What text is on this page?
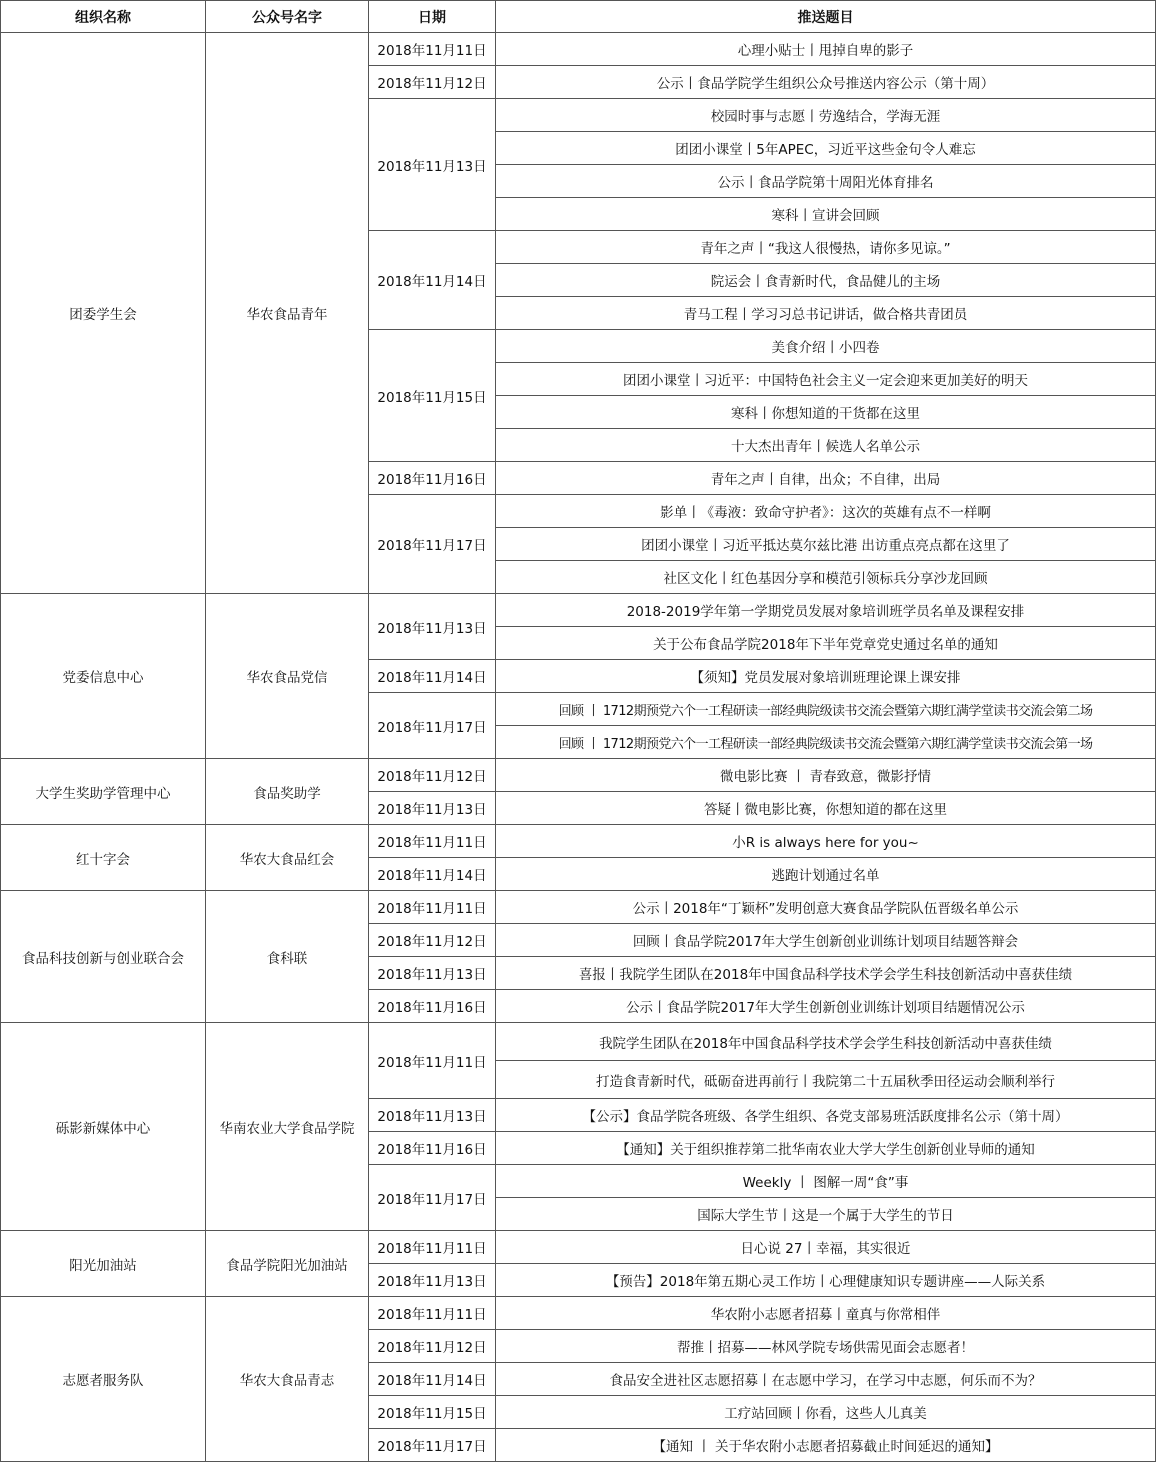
组织名称	公众号名字	日期	推送题目
团委学生会	华农食品青年	2018年11月11日	心理小贴士丨甩掉自卑的影子
		2018年11月12日	公示丨食品学院学生组织公众号推送内容公示（第十周）
		2018年11月13日	校园时事与志愿丨劳逸结合，学海无涯
			团团小课堂丨5年APEC，习近平这些金句令人难忘
			公示丨食品学院第十周阳光体育排名
			寒科丨宣讲会回顾
		2018年11月14日	青年之声丨“我这人很慢热，请你多见谅。”
			院运会丨食青新时代，食品健儿的主场
			青马工程丨学习习总书记讲话，做合格共青团员
		2018年11月15日	美食介绍丨小四卷
			团团小课堂丨习近平：中国特色社会主义一定会迎来更加美好的明天
			寒科丨你想知道的干货都在这里
			十大杰出青年丨候选人名单公示
		2018年11月16日	青年之声丨自律，出众；不自律，出局
		2018年11月17日	影单丨《毒液：致命守护者》：这次的英雄有点不一样啊
			团团小课堂丨习近平抵达莫尔兹比港 出访重点亮点都在这里了
			社区文化丨红色基因分享和模范引领标兵分享沙龙回顾
党委信息中心	华农食品党信	2018年11月13日	2018-2019学年第一学期党员发展对象培训班学员名单及课程安排
			关于公布食品学院2018年下半年党章党史通过名单的通知
		2018年11月14日	【须知】党员发展对象培训班理论课上课安排
		2018年11月17日	回顾 丨 1712期预党六个一工程研读一部经典院级读书交流会暨第六期红满学堂读书交流会第二场
			回顾 丨 1712期预党六个一工程研读一部经典院级读书交流会暨第六期红满学堂读书交流会第一场
大学生奖助学管理中心	食品奖助学	2018年11月12日	微电影比赛 丨 青春致意，微影抒情
		2018年11月13日	答疑丨微电影比赛，你想知道的都在这里
红十字会	华农大食品红会	2018年11月11日	小R is always here for you~
		2018年11月14日	逃跑计划通过名单
食品科技创新与创业联合会	食科联	2018年11月11日	公示丨2018年“丁颖杯”发明创意大赛食品学院队伍晋级名单公示
		2018年11月12日	回顾丨食品学院2017年大学生创新创业训练计划项目结题答辩会
		2018年11月13日	喜报丨我院学生团队在2018年中国食品科学技术学会学生科技创新活动中喜获佳绩
		2018年11月16日	公示丨食品学院2017年大学生创新创业训练计划项目结题情况公示
砾影新媒体中心	华南农业大学食品学院	2018年11月11日	我院学生团队在2018年中国食品科学技术学会学生科技创新活动中喜获佳绩
			打造食青新时代，砥砺奋进再前行丨我院第二十五届秋季田径运动会顺利举行
		2018年11月13日	【公示】食品学院各班级、各学生组织、各党支部易班活跃度排名公示（第十周）
		2018年11月16日	【通知】关于组织推荐第二批华南农业大学大学生创新创业导师的通知
		2018年11月17日	Weekly 丨 图解一周“食”事
			国际大学生节丨这是一个属于大学生的节日
阳光加油站	食品学院阳光加油站	2018年11月11日	日心说 27丨幸福，其实很近
		2018年11月13日	【预告】2018年第五期心灵工作坊丨心理健康知识专题讲座——人际关系
志愿者服务队	华农大食品青志	2018年11月11日	华农附小志愿者招募丨童真与你常相伴
		2018年11月12日	帮推丨招募——林风学院专场供需见面会志愿者！
		2018年11月14日	食品安全进社区志愿招募丨在志愿中学习，在学习中志愿，何乐而不为？
		2018年11月15日	工疗站回顾丨你看，这些人儿真美
		2018年11月17日	【通知 丨 关于华农附小志愿者招募截止时间延迟的通知】
